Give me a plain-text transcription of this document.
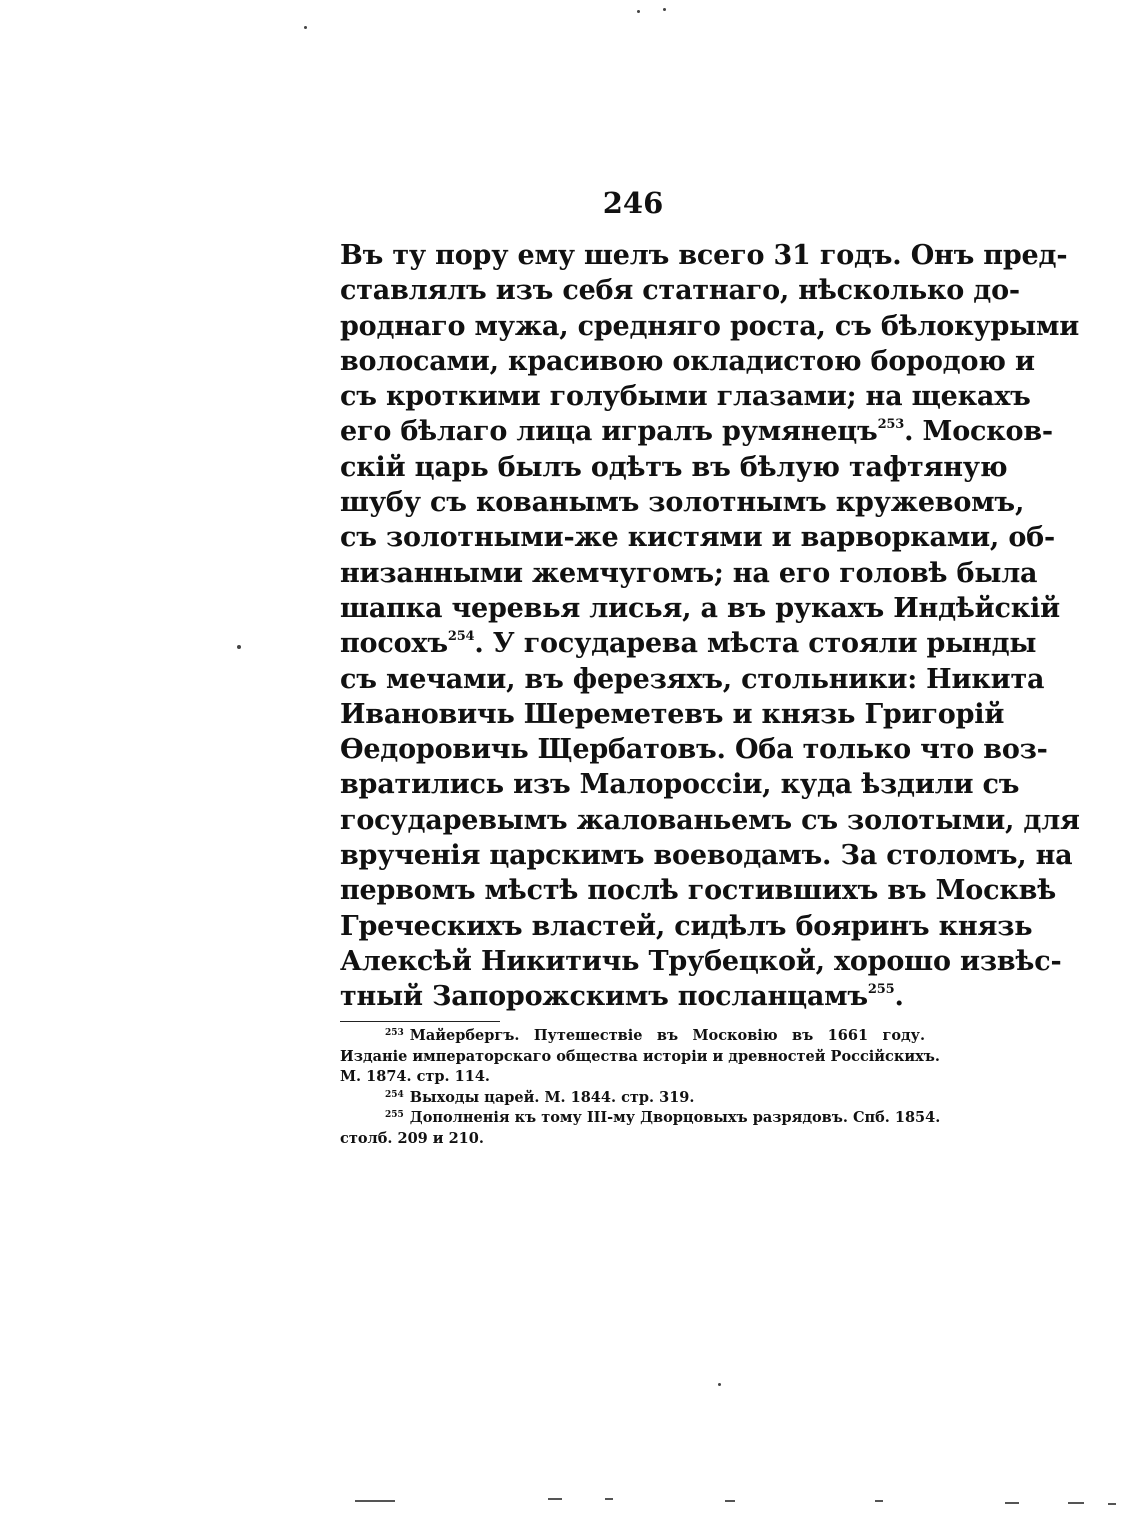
246
Въ ту пору ему шелъ всего 31 годъ. Онъ пред-
ставлялъ изъ себя статнаго, нѣсколько до-
роднаго мужа, средняго роста, съ бѣлокурыми
волосами, красивою окладистою бородою и
съ кроткими голубыми глазами; на щекахъ
его бѣлаго лица игралъ румянецъ$^{253}$. Москов-
скій царь былъ одѣтъ въ бѣлую тафтяную
шубу съ кованымъ золотнымъ кружевомъ,
съ золотными-же кистями и варворками, об-
низанными жемчугомъ; на его головѣ была
шапка черевья лисья, а въ рукахъ Индѣйскій
посохъ$^{254}$. У государева мѣста стояли рынды
съ мечами, въ ферезяхъ, стольники: Никита
Ивановичь Шереметевъ и князь Григорій
Ѳедоровичь Щербатовъ. Оба только что воз-
вратились изъ Малороссіи, куда ѣздили съ
государевымъ жалованьемъ съ золотыми, для
врученія царскимъ воеводамъ. За столомъ, на
первомъ мѣстѣ послѣ гостившихъ въ Москвѣ
Греческихъ властей, сидѣлъ бояринъ князь
Алексѣй Никитичь Трубецкой, хорошо извѣс-
тный Запорожскимъ посланцамъ$^{255}$.
$^{253}$ Майербергъ. Путешествіе въ Московію въ 1661 году.
Изданіе императорскаго общества исторіи и древностей Россійскихъ.
М. 1874. стр. 114.
$^{254}$ Выходы царей. М. 1844. стр. 319.
$^{255}$ Дополненія къ тому III-му Дворцовыхъ разрядовъ. Спб. 1854.
столб. 209 и 210.
